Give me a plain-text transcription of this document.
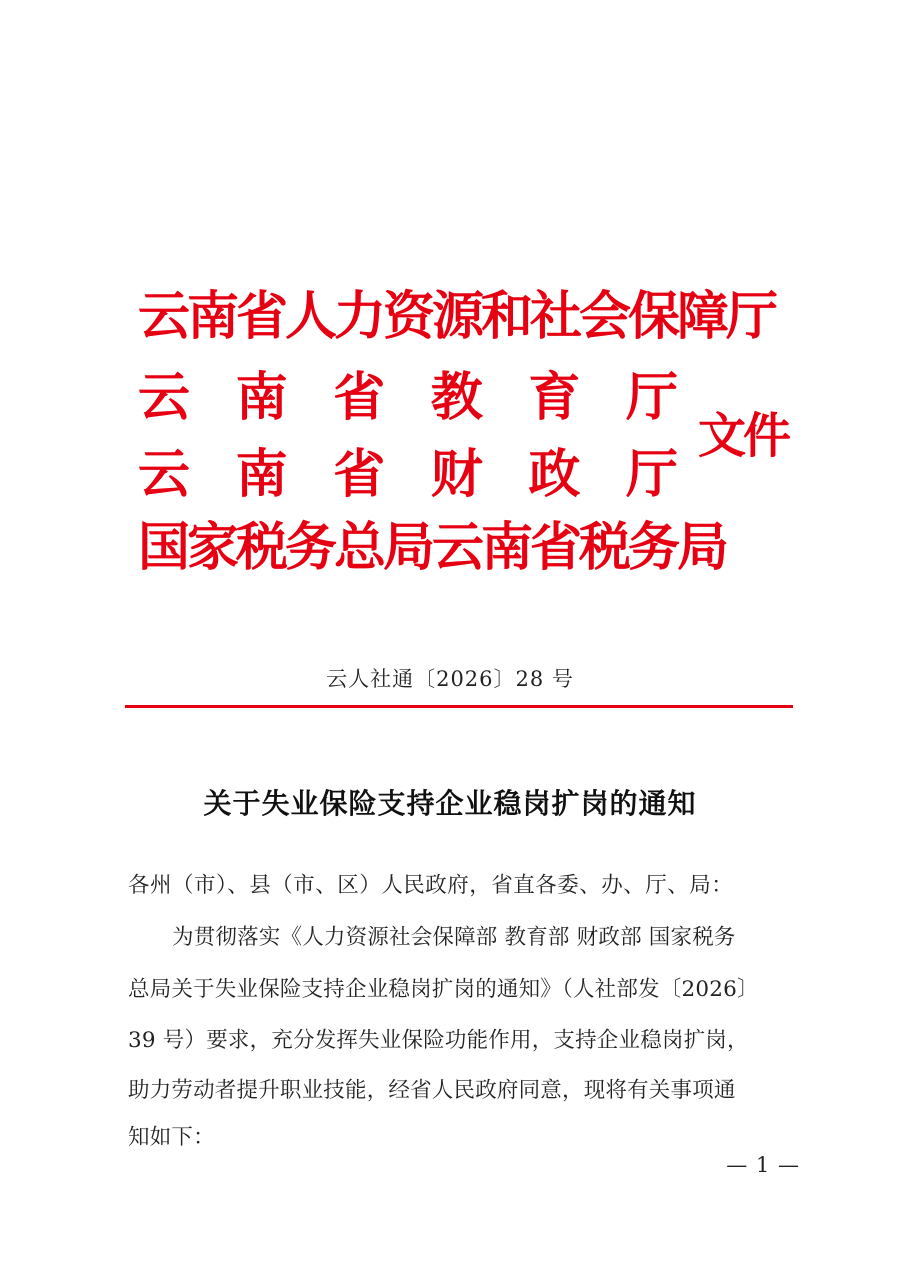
云南省人力资源和社会保障厅
云 南 省 教 育 厅
云 南 省 财 政 厅
国家税务总局云南省税务局
文件
云人社通〔2026〕28 号
关于失业保险支持企业稳岗扩岗的通知
各州（市）、县（市、区）人民政府，省直各委、办、厅、局：
为贯彻落实《人力资源社会保障部 教育部 财政部 国家税务
总局关于失业保险支持企业稳岗扩岗的通知》（人社部发〔2026〕
39 号）要求，充分发挥失业保险功能作用，支持企业稳岗扩岗，
助力劳动者提升职业技能，经省人民政府同意，现将有关事项通
知如下：
— 1 —
